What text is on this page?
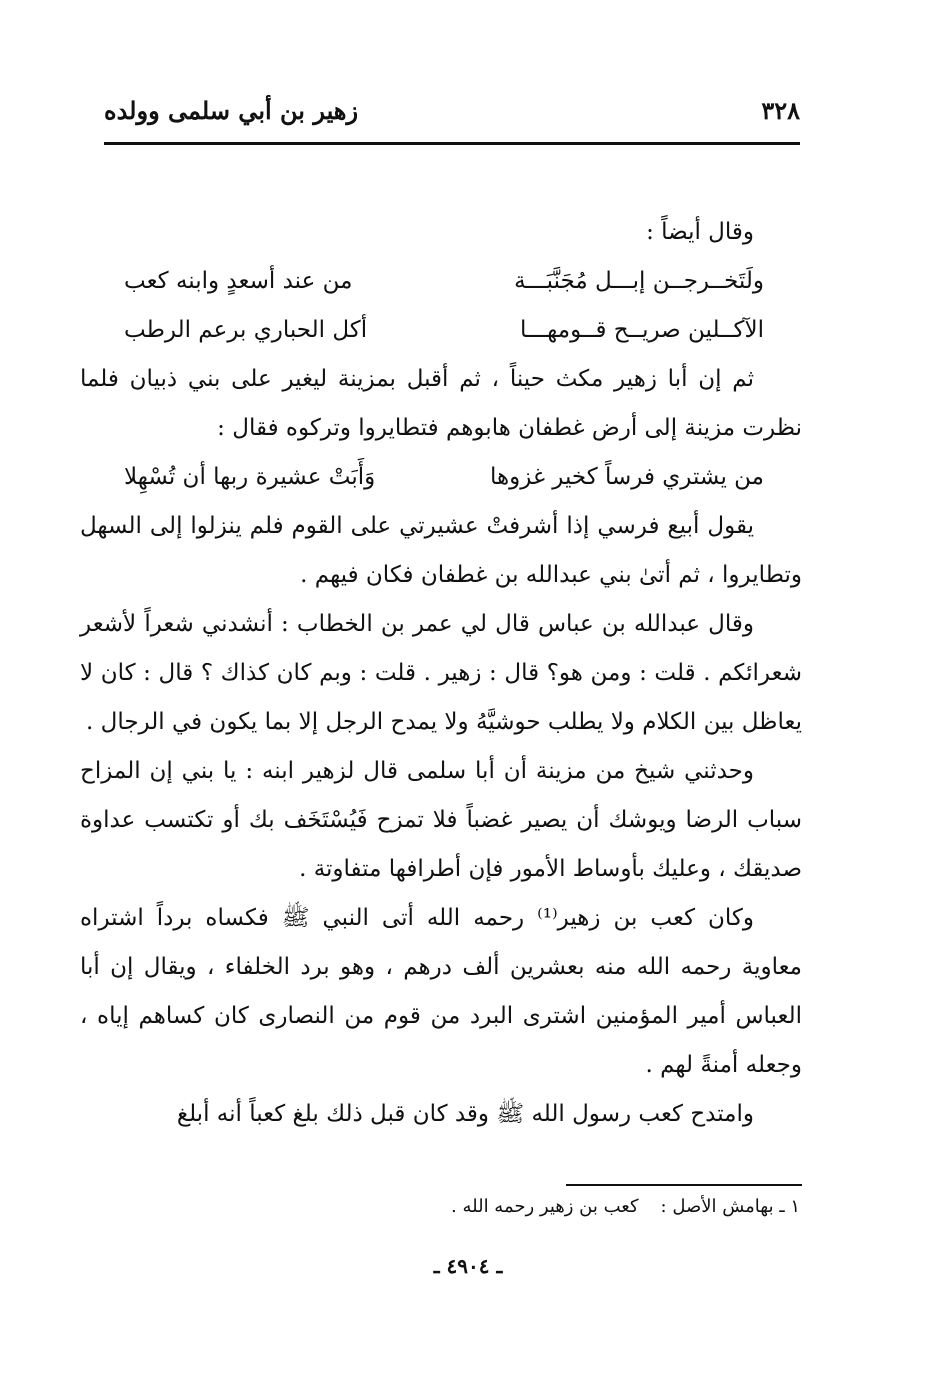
٣٢٨
زهير بن أبي سلمى وولده

وقال أيضاً :

ولَتَخــرجــن إبـــل مُجَنَّبَـــة
من عند أسعدٍ وابنه كعب
الآكــلين صريــح قــومهـــا
أكل الحباري برعم الرطب

ثم إن أبا زهير مكث حيناً ، ثم أقبل بمزينة ليغير على بني ذبيان فلما نظرت مزينة إلى أرض غطفان هابوهم فتطايروا وتركوه فقال :

من يشتري فرساً كخير غزوها
وَأَبَتْ عشيرة ربها أن تُسْهِلا

يقول أبيع فرسي إذا أشرفتْ عشيرتي على القوم فلم ينزلوا إلى السهل وتطايروا ، ثم أتىٰ بني عبدالله بن غطفان فكان فيهم .

وقال عبدالله بن عباس قال لي عمر بن الخطاب : أنشدني شعراً لأشعر شعرائكم . قلت : ومن هو؟ قال : زهير . قلت : وبم كان كذاك ؟ قال : كان لا يعاظل بين الكلام ولا يطلب حوشيَّهُ ولا يمدح الرجل إلا بما يكون في الرجال .

وحدثني شيخ من مزينة أن أبا سلمى قال لزهير ابنه : يا بني إن المزاح سباب الرضا ويوشك أن يصير غضباً فلا تمزح فَيُسْتَخَف بك أو تكتسب عداوة صديقك ، وعليك بأوساط الأمور فإن أطرافها متفاوتة .

وكان كعب بن زهير⁽¹⁾ رحمه الله أتى النبي ﷺ فكساه برداً اشتراه معاوية رحمه الله منه بعشرين ألف درهم ، وهو برد الخلفاء ، ويقال إن أبا العباس أمير المؤمنين اشترى البرد من قوم من النصارى كان كساهم إياه ، وجعله أمنةً لهم .

وامتدح كعب رسول الله ﷺ وقد كان قبل ذلك بلغ كعباً أنه أبلغ

١ ـ بهامش الأصل :كعب بن زهير رحمه الله .
ـ ٤٩٠٤ ـ
